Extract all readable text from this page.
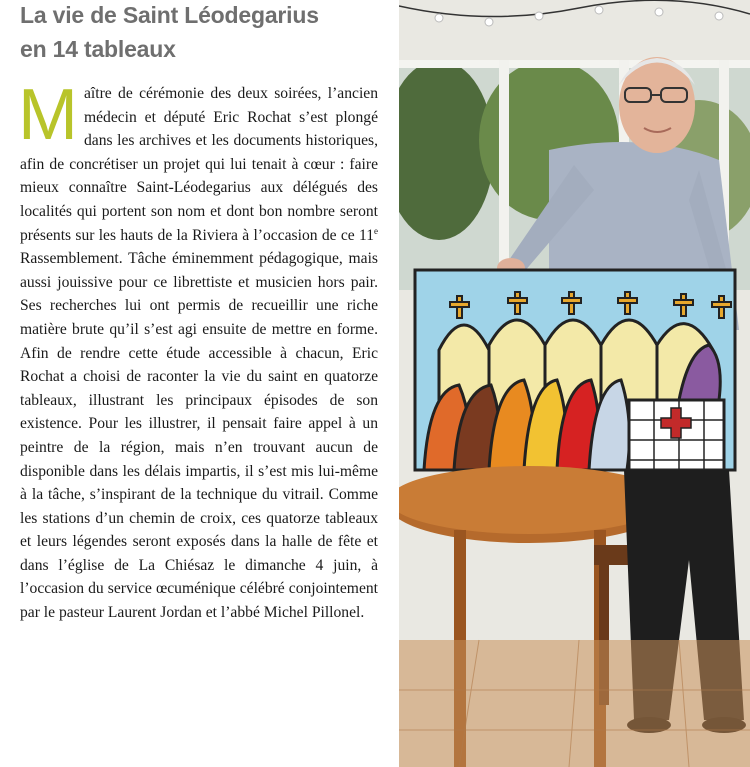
La vie de Saint Léodegarius
en 14 tableaux

Maître de cérémonie des deux soirées, l’ancien médecin et député Eric Rochat s’est plongé dans les archives et les documents historiques, afin de concrétiser un projet qui lui tenait à cœur : faire mieux connaître Saint-Léodegarius aux délégués des localités qui portent son nom et dont bon nombre seront présents sur les hauts de la Riviera à l’occasion de ce 11e Rassemblement. Tâche éminemment pédagogique, mais aussi jouissive pour ce librettiste et musicien hors pair. Ses recherches lui ont permis de recueillir une riche matière brute qu’il s’est agi ensuite de mettre en forme. Afin de rendre cette étude accessible à chacun, Eric Rochat a choisi de raconter la vie du saint en quatorze tableaux, illustrant les principaux épisodes de son existence. Pour les illustrer, il pensait faire appel à un peintre de la région, mais n’en trouvant aucun de disponible dans les délais impartis, il s’est mis lui-même à la tâche, s’inspirant de la technique du vitrail. Comme les stations d’un chemin de croix, ces quatorze tableaux et leurs légendes seront exposés dans la halle de fête et dans l’église de La Chiésaz le dimanche 4 juin, à l’occasion du service œcuménique célébré conjointement par le pasteur Laurent Jordan et l’abbé Michel Pillonel.
